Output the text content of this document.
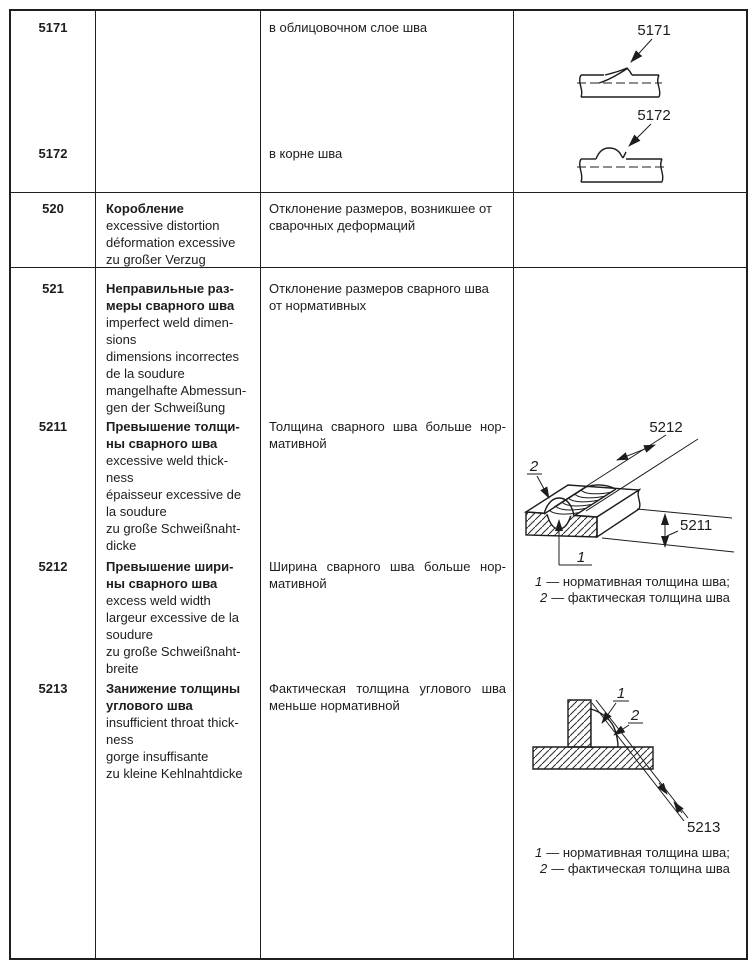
5171
5172
в облицовочном слое шва
в корне шва
5171
5172
520	Коробление
excessive distortion
déformation excessive
zu großer Verzug
Отклонение размеров, возникшее от
сварочных деформаций
521
5211
5212
5213
Неправильные раз-
меры сварного шва
imperfect weld dimen-
sions
dimensions incorrectes
de la soudure
mangelhafte Abmessun-
gen der Schweißung
Превышение толщи-
ны сварного шва
excessive weld thick-
ness
épaisseur excessive de
la soudure
zu große Schweißnaht-
dicke
Превышение шири-
ны сварного шва
excess weld width
largeur excessive de la
soudure
zu große Schweißnaht-
breite
Занижение толщины
углового шва
insufficient throat thick-
ness
gorge insuffisante
zu kleine Kehlnahtdicke
Отклонение размеров сварного шва
от нормативных
Толщина сварного шва больше нор-
мативной
Ширина сварного шва больше нор-
мативной
Фактическая толщина углового шва
меньше нормативной
5212
5211
2
1
1 — нормативная толщина шва;
2 — фактическая толщина шва
5213
1
2
1 — нормативная толщина шва;
2 — фактическая толщина шва
